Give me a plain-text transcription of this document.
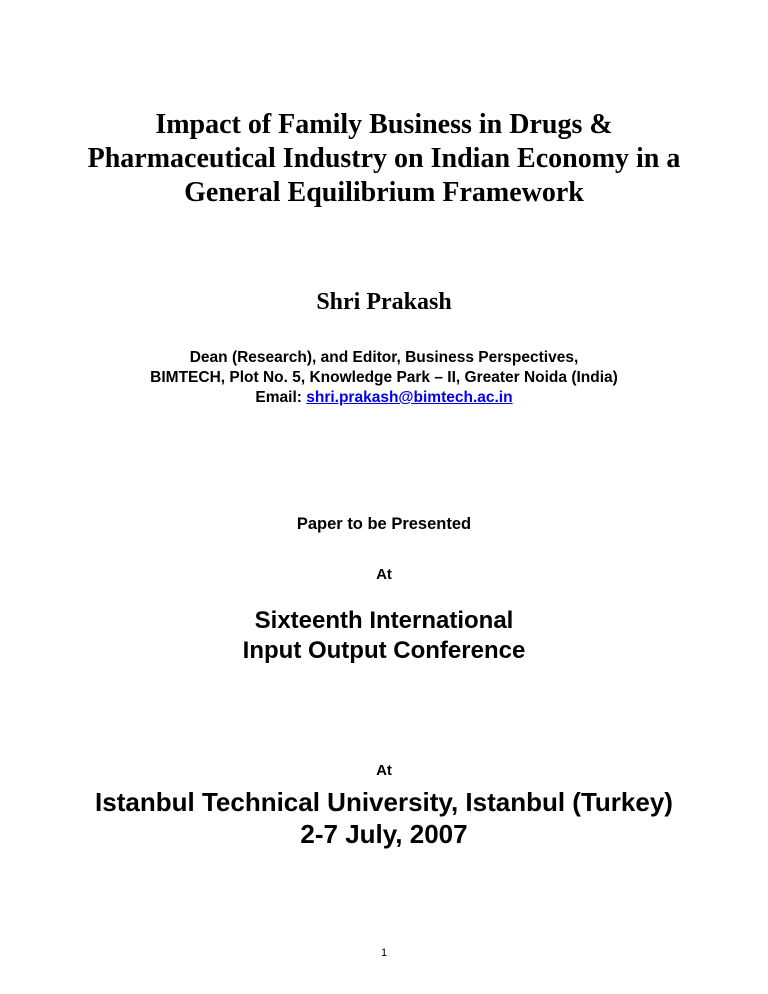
Impact of Family Business in Drugs &
Pharmaceutical Industry on Indian Economy in a
General Equilibrium Framework
Shri Prakash
Dean (Research), and Editor, Business Perspectives,
BIMTECH, Plot No. 5, Knowledge Park – II, Greater Noida (India)
Email: shri.prakash@bimtech.ac.in
Paper to be Presented
At
Sixteenth International
Input Output Conference
At
Istanbul Technical University, Istanbul (Turkey)
2-7 July, 2007
1
